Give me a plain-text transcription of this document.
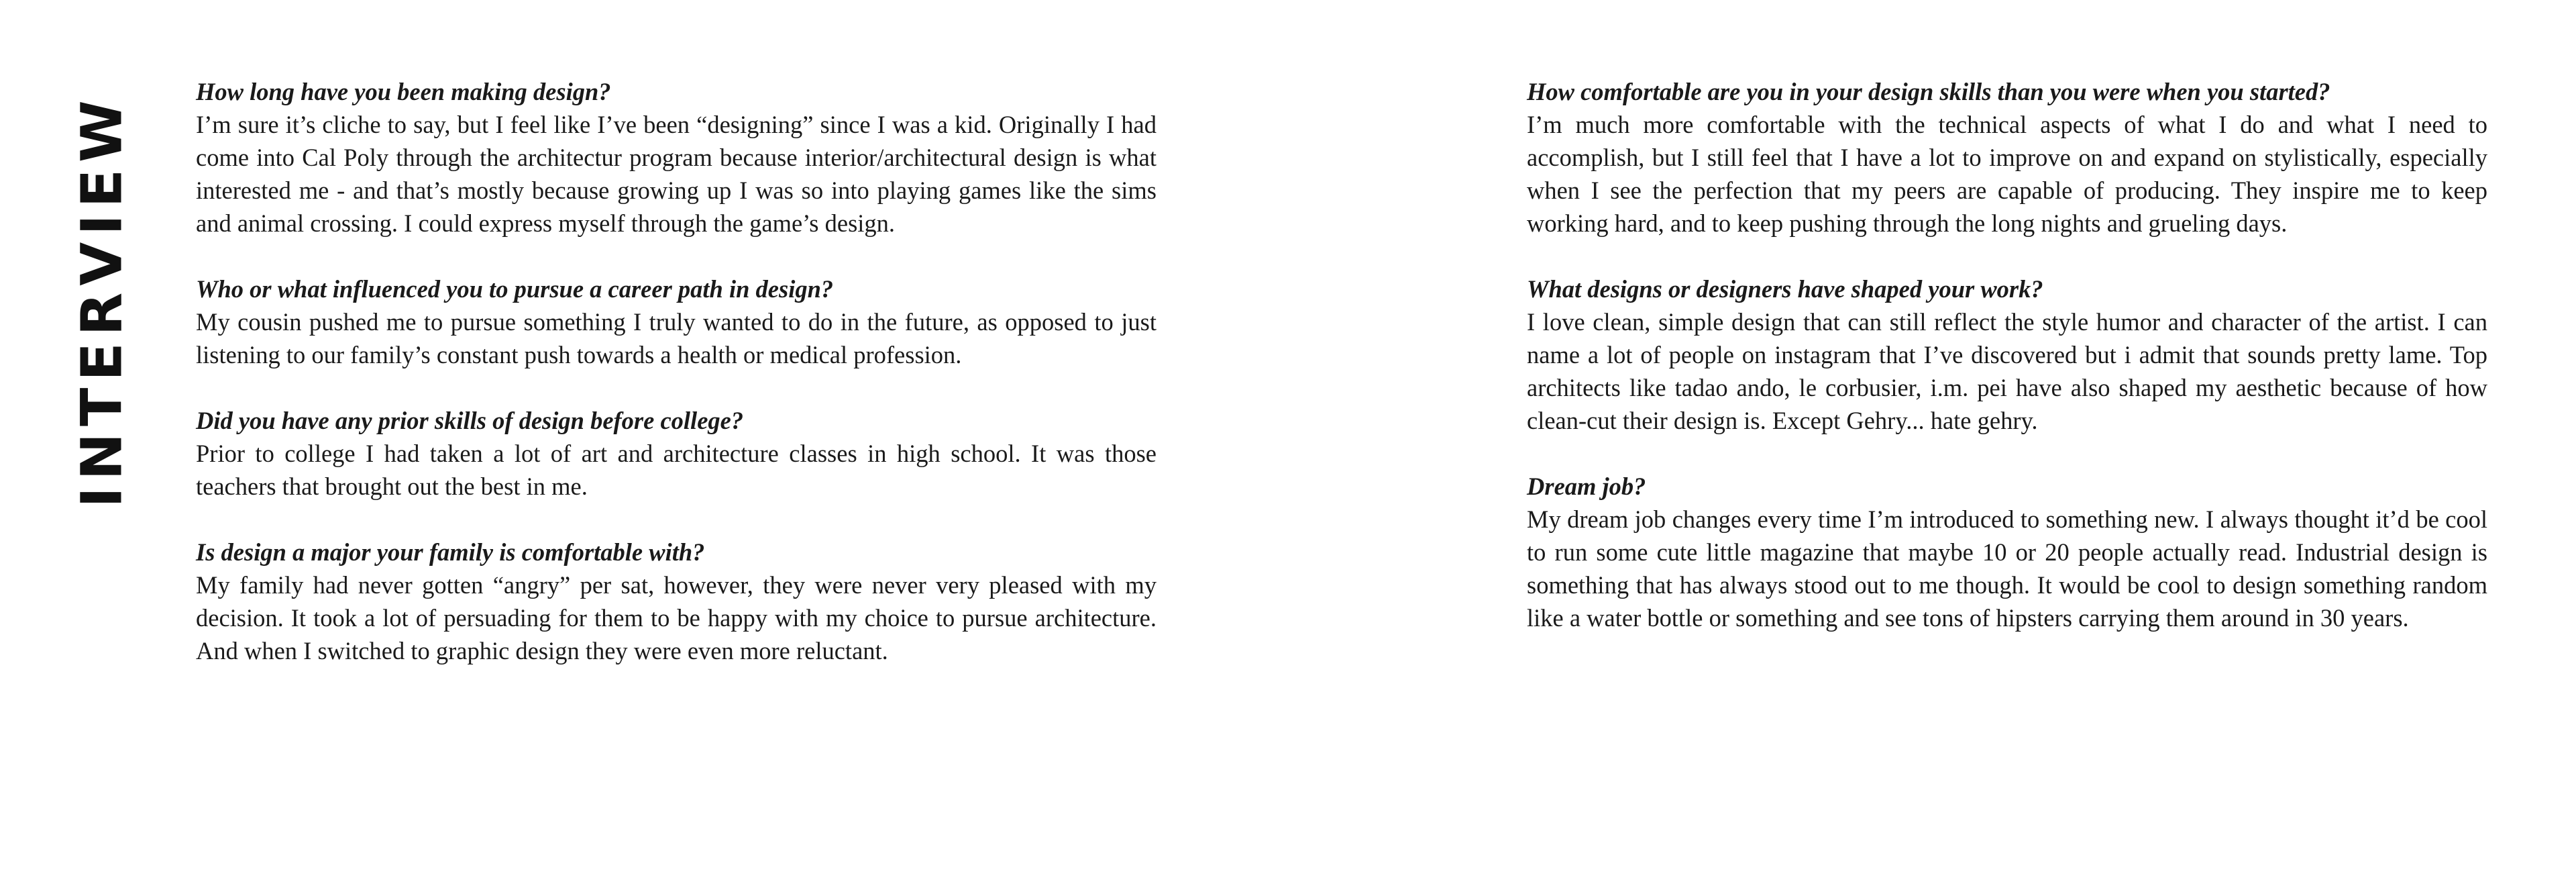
INTERVIEW

How long have you been making design?

I’m sure it’s cliche to say, but I feel like I’ve been “designing” since I was a kid. Originally I had come into Cal Poly through the architectur program because interior/architectural design is what interested me - and that’s mostly because growing up I was so into playing games like the sims and animal crossing. I could express myself through the game’s design.

Who or what influenced you to pursue a career path in design?

My cousin pushed me to pursue something I truly wanted to do in the future, as opposed to just listening to our family’s constant push towards a health or medical profession.

Did you have any prior skills of design before college?

Prior to college I had taken a lot of art and architecture classes in high school. It was those teachers that brought out the best in me.

Is design a major your family is comfortable with?

My family had never gotten “angry” per sat, however, they were never very pleased with my decision. It took a lot of persuading for them to be happy with my choice to pursue architecture. And when I switched to graphic design they were even more reluctant.

How comfortable are you in your design skills than you were when you started?

I’m much more comfortable with the technical aspects of what I do and what I need to accomplish, but I still feel that I have a lot to improve on and expand on stylistically, especially when I see the perfection that my peers are capable of producing. They inspire me to keep working hard, and to keep pushing through the long nights and grueling days.

What designs or designers have shaped your work?

I love clean, simple design that can still reflect the style humor and character of the artist. I can name a lot of people on instagram that I’ve discovered but i admit that sounds pretty lame. Top architects like tadao ando, le corbusier, i.m. pei have also shaped my aesthetic because of how clean-cut their design is. Except Gehry... hate gehry.

Dream job?

My dream job changes every time I’m introduced to something new. I always thought it’d be cool to run some cute little magazine that maybe 10 or 20 people actually read. Industrial design is something that has always stood out to me though. It would be cool to design something random like a water bottle or something and see tons of hipsters carrying them around in 30 years.
